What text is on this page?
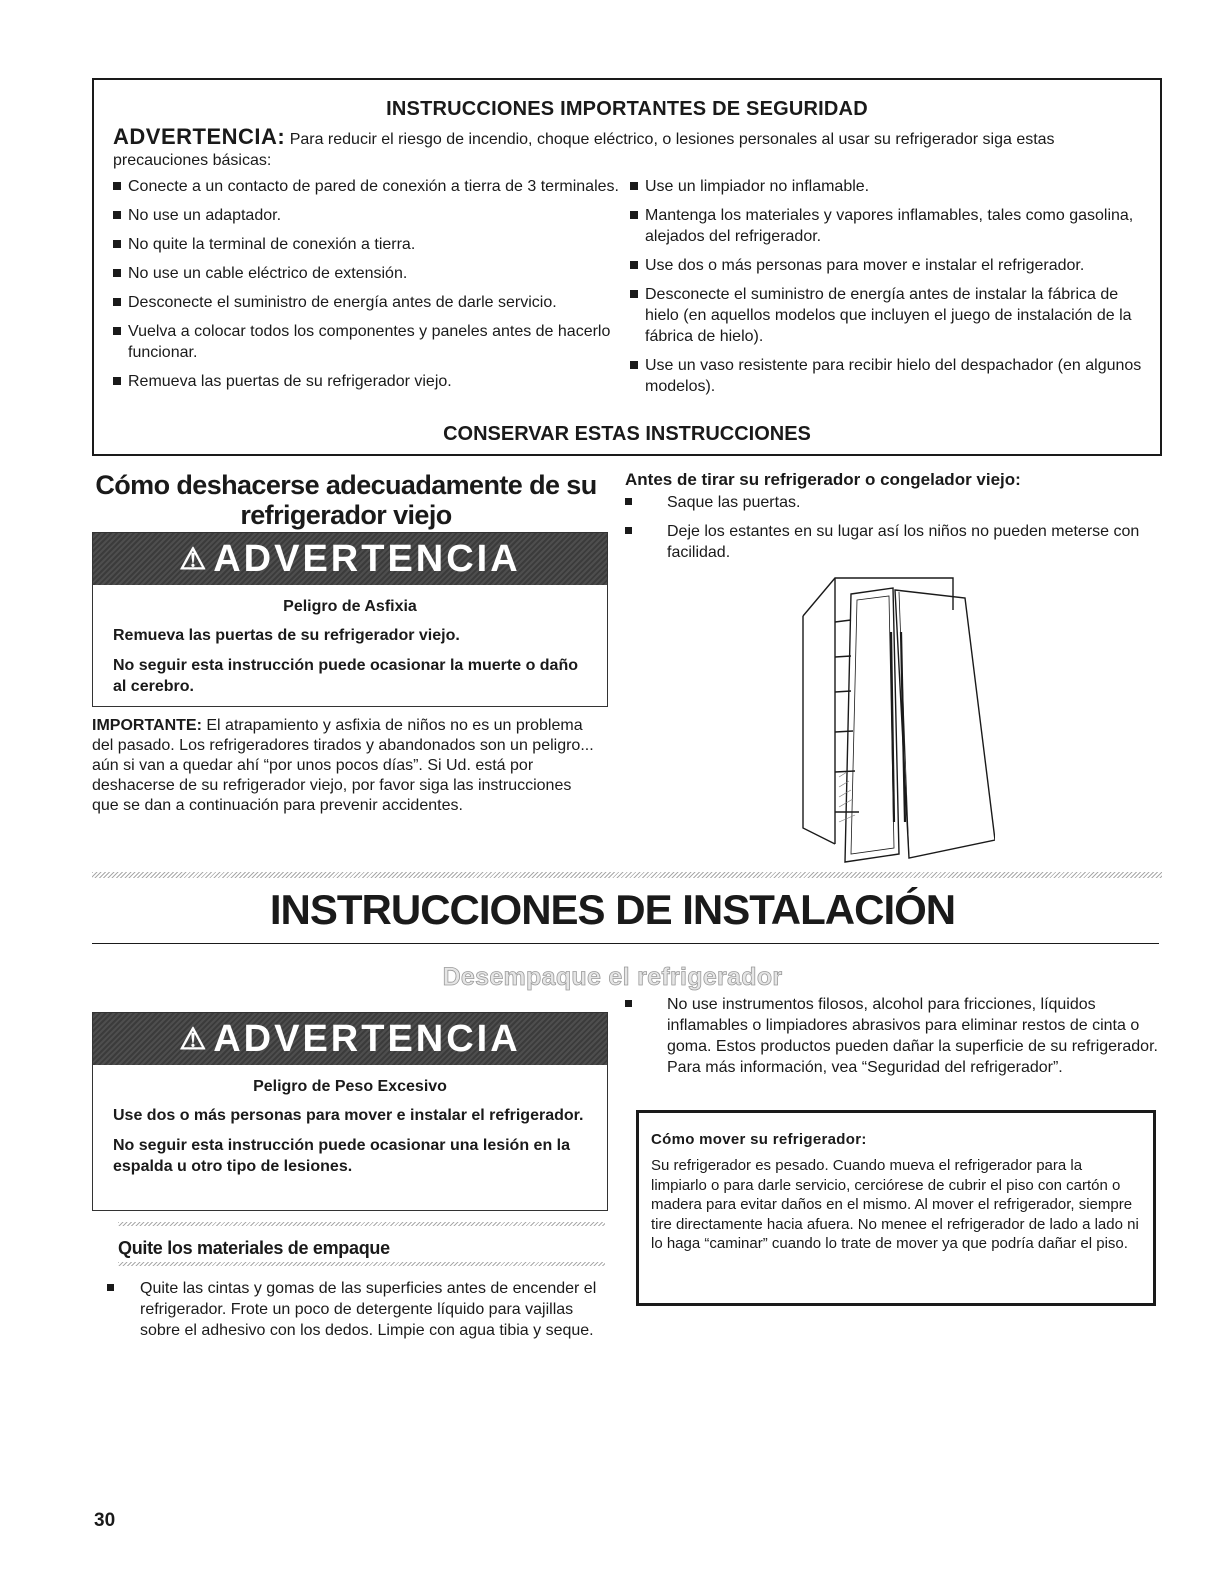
INSTRUCCIONES IMPORTANTES DE SEGURIDAD

ADVERTENCIA: Para reducir el riesgo de incendio, choque eléctrico, o lesiones personales al usar su refrigerador siga estas precauciones básicas:

Conecte a un contacto de pared de conexión a tierra de 3 terminales.
No use un adaptador.
No quite la terminal de conexión a tierra.
No use un cable eléctrico de extensión.
Desconecte el suministro de energía antes de darle servicio.
Vuelva a colocar todos los componentes y paneles antes de hacerlo funcionar.
Remueva las puertas de su refrigerador viejo.
Use un limpiador no inflamable.
Mantenga los materiales y vapores inflamables, tales como gasolina, alejados del refrigerador.
Use dos o más personas para mover e instalar el refrigerador.
Desconecte el suministro de energía antes de instalar la fábrica de hielo (en aquellos modelos que incluyen el juego de instalación de la fábrica de hielo).
Use un vaso resistente para recibir hielo del despachador (en algunos modelos).
CONSERVAR ESTAS INSTRUCCIONES
Cómo deshacerse adecuadamente de su refrigerador viejo
⚠ ADVERTENCIA
Peligro de Asfixia

Remueva las puertas de su refrigerador viejo.

No seguir esta instrucción puede ocasionar la muerte o daño al cerebro.

IMPORTANTE: El atrapamiento y asfixia de niños no es un problema del pasado. Los refrigeradores tirados y abandonados son un peligro... aún si van a quedar ahí “por unos pocos días”. Si Ud. está por deshacerse de su refrigerador viejo, por favor siga las instrucciones que se dan a continuación para prevenir accidentes.

Antes de tirar su refrigerador o congelador viejo:
Saque las puertas.
Deje los estantes en su lugar así los niños no pueden meterse con facilidad.
INSTRUCCIONES DE INSTALACIÓN
Desempaque el refrigerador
⚠ ADVERTENCIA
Peligro de Peso Excesivo

Use dos o más personas para mover e instalar el refrigerador.

No seguir esta instrucción puede ocasionar una lesión en la espalda u otro tipo de lesiones.

Quite los materiales de empaque
Quite las cintas y gomas de las superficies antes de encender el refrigerador. Frote un poco de detergente líquido para vajillas sobre el adhesivo con los dedos. Limpie con agua tibia y seque.
No use instrumentos filosos, alcohol para fricciones, líquidos inflamables o limpiadores abrasivos para eliminar restos de cinta o goma. Estos productos pueden dañar la superficie de su refrigerador. Para más información, vea “Seguridad del refrigerador”.
Cómo mover su refrigerador:

Su refrigerador es pesado. Cuando mueva el refrigerador para la limpiarlo o para darle servicio, cerciórese de cubrir el piso con cartón o madera para evitar daños en el mismo. Al mover el refrigerador, siempre tire directamente hacia afuera. No menee el refrigerador de lado a lado ni lo haga “caminar” cuando lo trate de mover ya que podría dañar el piso.

30
